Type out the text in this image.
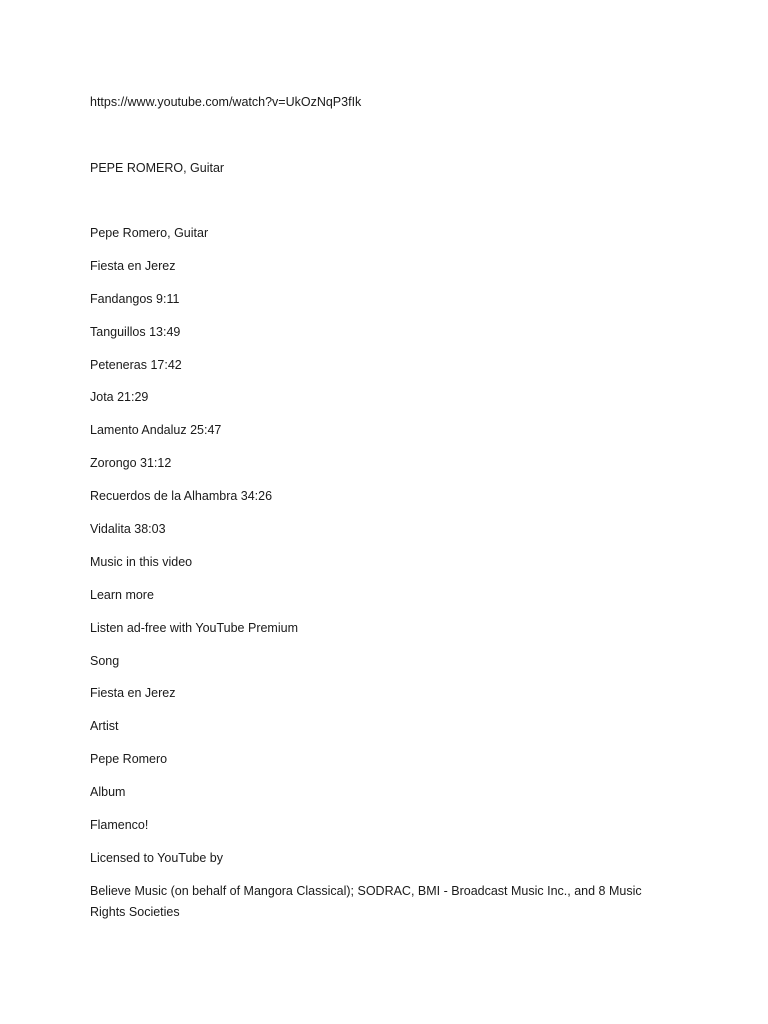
https://www.youtube.com/watch?v=UkOzNqP3fIk
PEPE ROMERO, Guitar
Pepe Romero, Guitar
Fiesta en Jerez
Fandangos 9:11
Tanguillos 13:49
Peteneras 17:42
Jota 21:29
Lamento Andaluz 25:47
Zorongo 31:12
Recuerdos de la Alhambra 34:26
Vidalita 38:03
Music in this video
Learn more
Listen ad-free with YouTube Premium
Song
Fiesta en Jerez
Artist
Pepe Romero
Album
Flamenco!
Licensed to YouTube by
Believe Music (on behalf of Mangora Classical); SODRAC, BMI - Broadcast Music Inc., and 8 Music Rights Societies
